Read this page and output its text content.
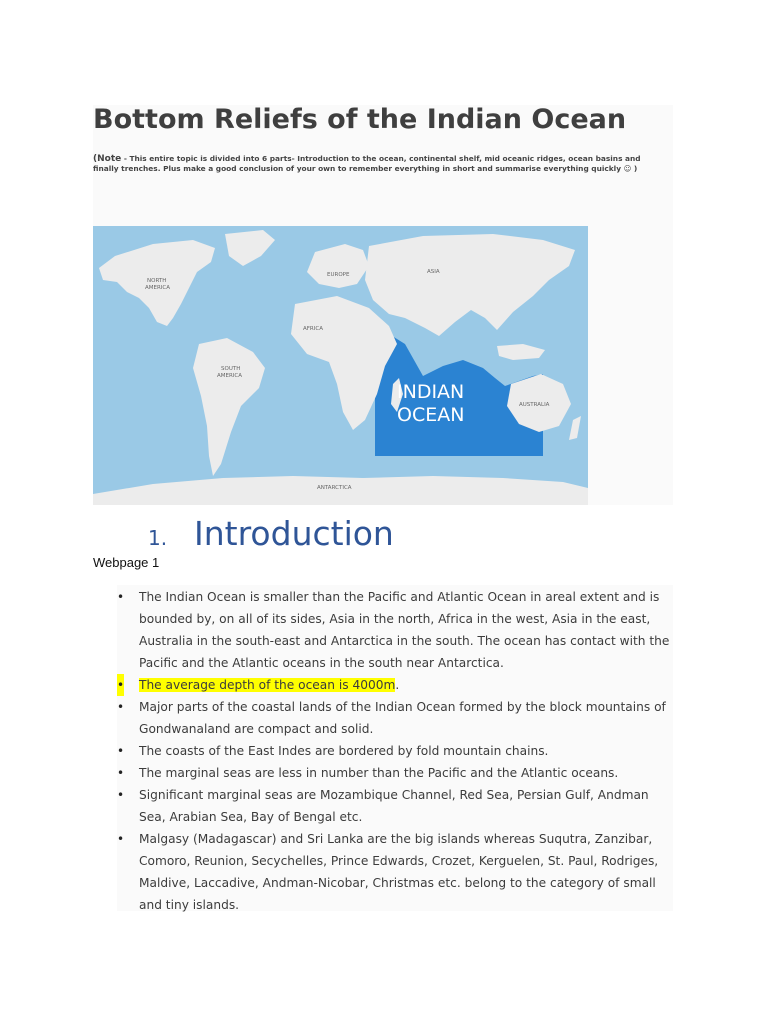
Bottom Reliefs of the Indian Ocean

(Note - This entire topic is divided into 6 parts- Introduction to the ocean, continental shelf, mid oceanic ridges, ocean basins and finally trenches. Plus make a good conclusion of your own to remember everything in short and summarise everything quickly ☺ )

NORTH
AMERICA
SOUTH
AMERICA
EUROPE	ASIA
AFRICA
AUSTRALIA
ANTARCTICA
INDIAN
OCEAN
1. Introduction
Webpage 1
• The Indian Ocean is smaller than the Pacific and Atlantic Ocean in areal extent and is bounded by, on all of its sides, Asia in the north, Africa in the west, Asia in the east, Australia in the south-east and Antarctica in the south. The ocean has contact with the Pacific and the Atlantic oceans in the south near Antarctica.
• The average depth of the ocean is 4000m.
• Major parts of the coastal lands of the Indian Ocean formed by the block mountains of Gondwanaland are compact and solid.
• The coasts of the East Indes are bordered by fold mountain chains.
• The marginal seas are less in number than the Pacific and the Atlantic oceans.
• Significant marginal seas are Mozambique Channel, Red Sea, Persian Gulf, Andman Sea, Arabian Sea, Bay of Bengal etc.
• Malgasy (Madagascar) and Sri Lanka are the big islands whereas Suqutra, Zanzibar, Comoro, Reunion, Secychelles, Prince Edwards, Crozet, Kerguelen, St. Paul, Rodriges, Maldive, Laccadive, Andman-Nicobar, Christmas etc. belong to the category of small and tiny islands.
